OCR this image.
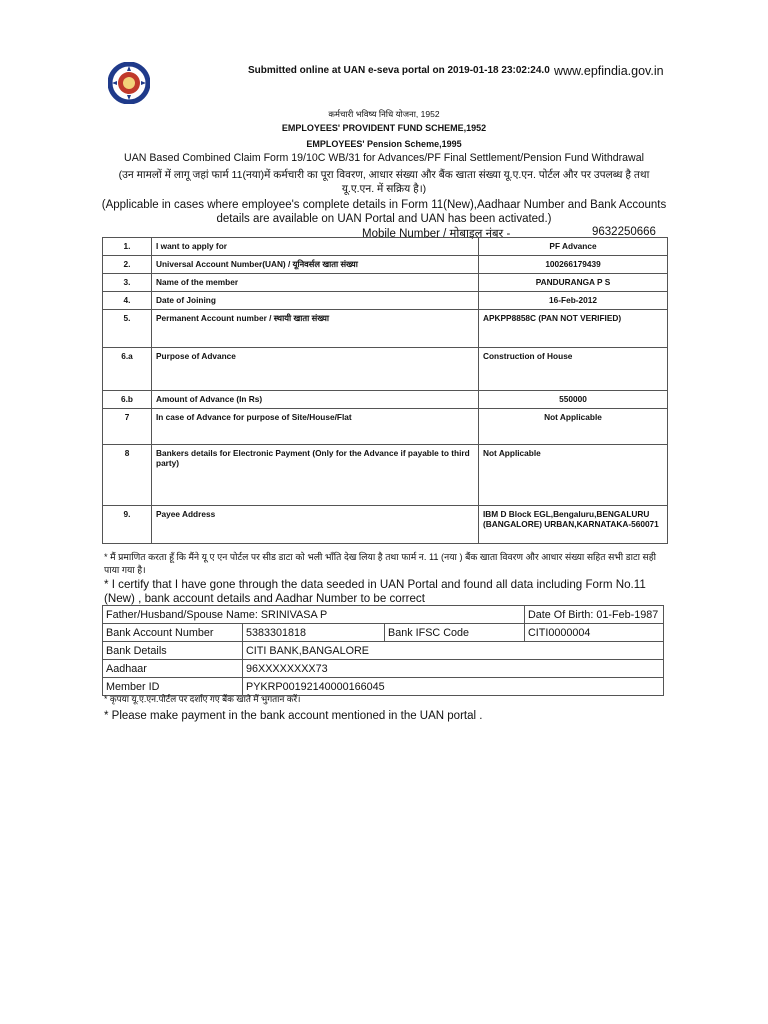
Submitted online at UAN e-seva portal on 2019-01-18 23:02:24.0 www.epfindia.gov.in
कर्मचारी भविष्य निधि योजना, 1952
EMPLOYEES' PROVIDENT FUND SCHEME,1952
EMPLOYEES' Pension Scheme,1995
UAN Based Combined Claim Form 19/10C WB/31 for Advances/PF Final Settlement/Pension Fund Withdrawal
(उन मामलों में लागू जहां फार्म 11(नया)में कर्मचारी का पूरा विवरण, आधार संख्या और बैंक खाता संख्या यू.ए.एन. पोर्टल और पर उपलब्ध है तथा यू.ए.एन. में सक्रिय है।)
(Applicable in cases where employee's complete details in Form 11(New),Aadhaar Number and Bank Accounts details are available on UAN Portal and UAN has been activated.)
Mobile Number / मोबाइल नंबर -	9632250666
1.	I want to apply for	PF Advance
2.	Universal Account Number(UAN) / यूनिवर्सल खाता संख्या	100266179439
3.	Name of the member	PANDURANGA P S
4.	Date of Joining	16-Feb-2012
5.	Permanent Account number / स्थायी खाता संख्या	APKPP8858C (PAN NOT VERIFIED)
6.a	Purpose of Advance	Construction of House
6.b	Amount of Advance (In Rs)	550000
7	In case of Advance for purpose of Site/House/Flat	Not Applicable
8	Bankers details for Electronic Payment (Only for the Advance if payable to third party)	Not Applicable
9.	Payee Address	IBM D Block EGL,Bengaluru,BENGALURU (BANGALORE) URBAN,KARNATAKA-560071
* मैं प्रमाणित करता हूँ कि मैंने यू ए एन पोर्टल पर सीड डाटा को भली भाँति देख लिया है तथा फार्म न. 11 (नया ) बैंक खाता विवरण और आधार संख्या सहित सभी डाटा सही पाया गया है।
* I certify that I have gone through the data seeded in UAN Portal and found all data including Form No.11 (New) , bank account details and Aadhar Number to be correct
Father/Husband/Spouse Name: SRINIVASA P			Date Of Birth: 01-Feb-1987
Bank Account Number	5383301818	Bank IFSC Code	CITI0000004
Bank Details	CITI BANK,BANGALORE		
Aadhaar	96XXXXXXXX73		
Member ID	PYKRP00192140000166045		
* कृपया यू.ए.एन.पोर्टल पर दर्शाए गए बैंक खाते में भुगतान करें।
* Please make payment in the bank account mentioned in the UAN portal .
